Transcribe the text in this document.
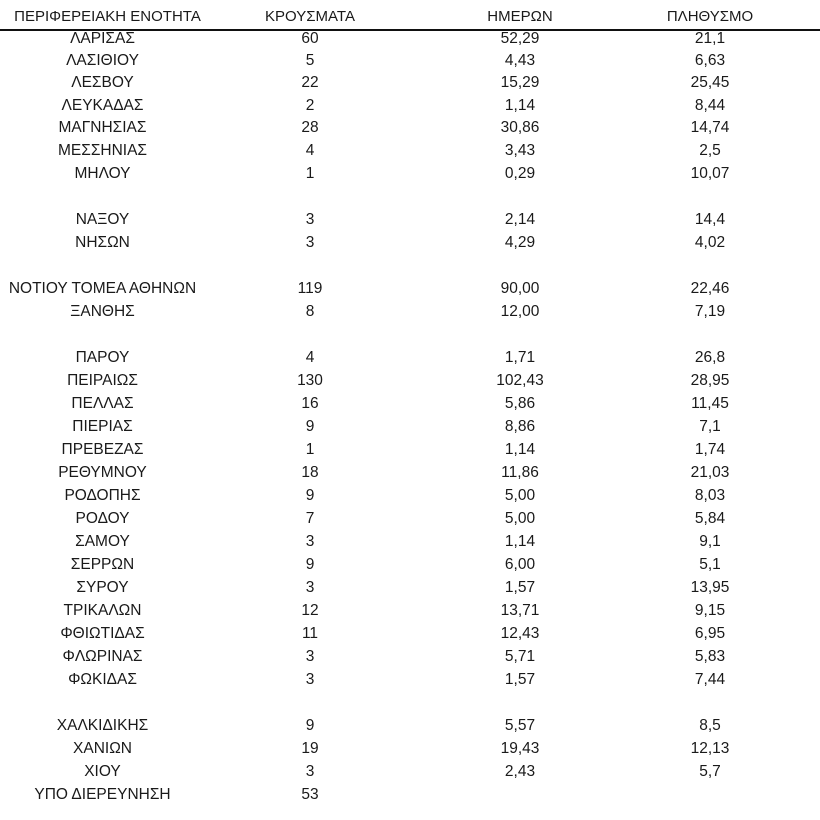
ΠΕΡΙΦΕΡΕΙΑΚΗ ΕΝΟΤΗΤΑ	ΚΡΟΥΣΜΑΤΑ	ΗΜΕΡΩΝ	ΠΛΗΘΥΣΜΟ
ΛΑΡΙΣΑΣ	60	52,29	21,1
ΛΑΣΙΘΙΟΥ	5	4,43	6,63
ΛΕΣΒΟΥ	22	15,29	25,45
ΛΕΥΚΑΔΑΣ	2	1,14	8,44
ΜΑΓΝΗΣΙΑΣ	28	30,86	14,74
ΜΕΣΣΗΝΙΑΣ	4	3,43	2,5
ΜΗΛΟΥ	1	0,29	10,07
ΝΑΞΟΥ	3	2,14	14,4
ΝΗΣΩΝ	3	4,29	4,02
ΝΟΤΙΟΥ ΤΟΜΕΑ ΑΘΗΝΩΝ	119	90,00	22,46
ΞΑΝΘΗΣ	8	12,00	7,19
ΠΑΡΟΥ	4	1,71	26,8
ΠΕΙΡΑΙΩΣ	130	102,43	28,95
ΠΕΛΛΑΣ	16	5,86	11,45
ΠΙΕΡΙΑΣ	9	8,86	7,1
ΠΡΕΒΕΖΑΣ	1	1,14	1,74
ΡΕΘΥΜΝΟΥ	18	11,86	21,03
ΡΟΔΟΠΗΣ	9	5,00	8,03
ΡΟΔΟΥ	7	5,00	5,84
ΣΑΜΟΥ	3	1,14	9,1
ΣΕΡΡΩΝ	9	6,00	5,1
ΣΥΡΟΥ	3	1,57	13,95
ΤΡΙΚΑΛΩΝ	12	13,71	9,15
ΦΘΙΩΤΙΔΑΣ	11	12,43	6,95
ΦΛΩΡΙΝΑΣ	3	5,71	5,83
ΦΩΚΙΔΑΣ	3	1,57	7,44
ΧΑΛΚΙΔΙΚΗΣ	9	5,57	8,5
ΧΑΝΙΩΝ	19	19,43	12,13
ΧΙΟΥ	3	2,43	5,7
ΥΠΟ ΔΙΕΡΕΥΝΗΣΗ	53
